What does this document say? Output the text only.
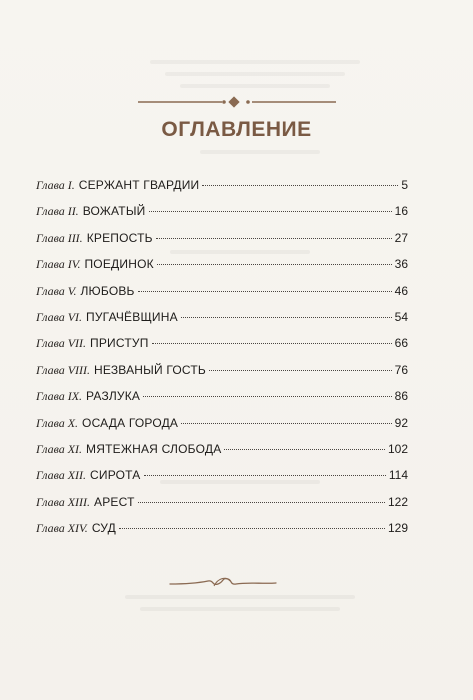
ОГЛАВЛЕНИЕ
Глава I. СЕРЖАНТ ГВАРДИИ	5
Глава II. ВОЖАТЫЙ	16
Глава III. КРЕПОСТЬ	27
Глава IV. ПОЕДИНОК	36
Глава V. ЛЮБОВЬ	46
Глава VI. ПУГАЧЁВЩИНА	54
Глава VII. ПРИСТУП	66
Глава VIII. НЕЗВАНЫЙ ГОСТЬ	76
Глава IX. РАЗЛУКА	86
Глава X. ОСАДА ГОРОДА	92
Глава XI. МЯТЕЖНАЯ СЛОБОДА	102
Глава XII. СИРОТА	114
Глава XIII. АРЕСТ	122
Глава XIV. СУД	129
